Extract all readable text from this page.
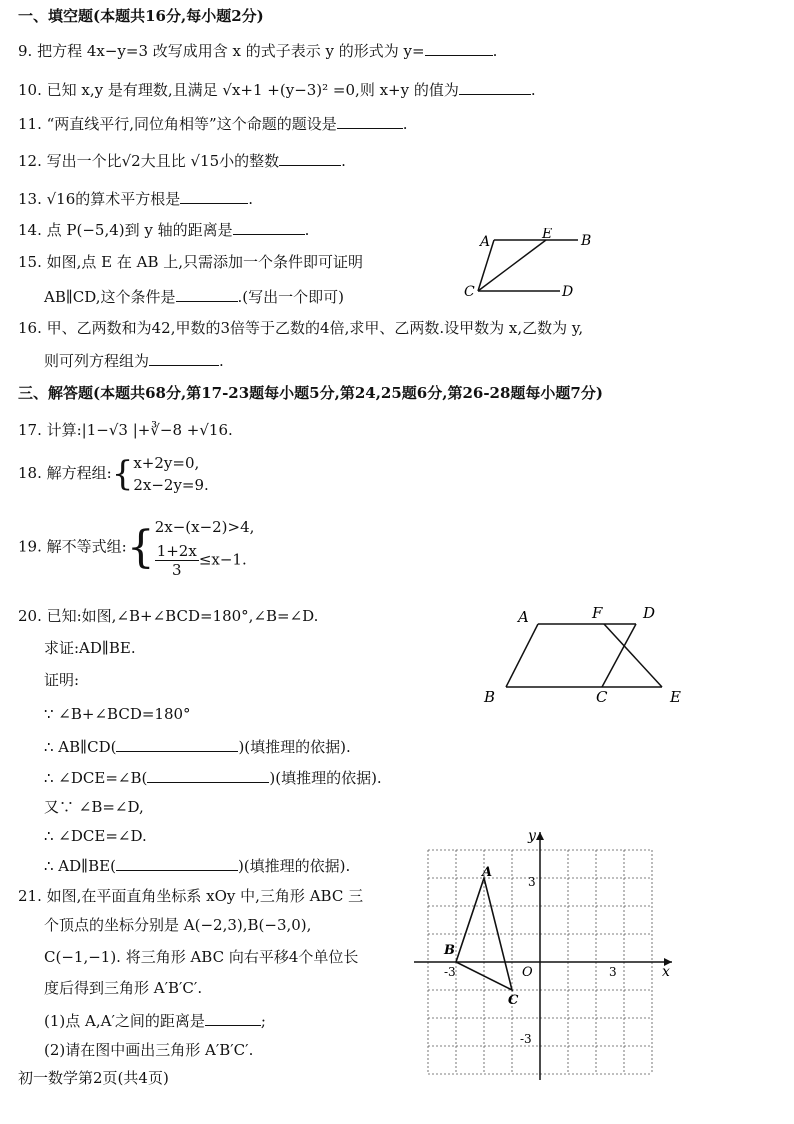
一、填空题(本题共16分,每小题2分)
9. 把方程 4x−y=3 改写成用含 x 的式子表示 y 的形式为 y=	.
10. 已知 x,y 是有理数,且满足 √x+1 +(y−3)² =0,则 x+y 的值为	.
11. “两直线平行,同位角相等”这个命题的题设是	.
12. 写出一个比√2大且比 √15小的整数	.
13. √16的算术平方根是	.
14. 点 P(−5,4)到 y 轴的距离是	.
15. 如图,点 E 在 AB 上,只需添加一个条件即可证明
AB∥CD,这个条件是	.(写出一个即可)
A	E B
C	D
16. 甲、乙两数和为42,甲数的3倍等于乙数的4倍,求甲、乙两数.设甲数为 x,乙数为 y,
则可列方程组为	.
三、解答题(本题共68分,第17-23题每小题5分,第24,25题6分,第26-28题每小题7分)
17. 计算:|1−√3 |+∛−8 +√16.
18. 解方程组:{ x+2y=0,
2x−2y=9.
19. 解不等式组:{ 2x−(x−2)>4,
$\frac{1+2x}{3} \le x-1$.
20. 已知:如图,∠B+∠BCD=180°,∠B=∠D.
求证:AD∥BE.
证明:
∵ ∠B+∠BCD=180°
∴ AB∥CD(	)(填推理的依据).
∴ ∠DCE=∠B(	)(填推理的依据).
又∵ ∠B=∠D,
∴ ∠DCE=∠D.
∴ AD∥BE(	)(填推理的依据).
A	F	D
B	C	E
21. 如图,在平面直角坐标系 xOy 中,三角形 ABC 三
个顶点的坐标分别是 A(−2,3),B(−3,0),
C(−1,−1). 将三角形 ABC 向右平移4个单位长
度后得到三角形 A′B′C′.
(1)点 A,A′之间的距离是	;
(2)请在图中画出三角形 A′B′C′.
x
y
O
-3	3
3
-3
A
B
C
初一数学第2页(共4页)
